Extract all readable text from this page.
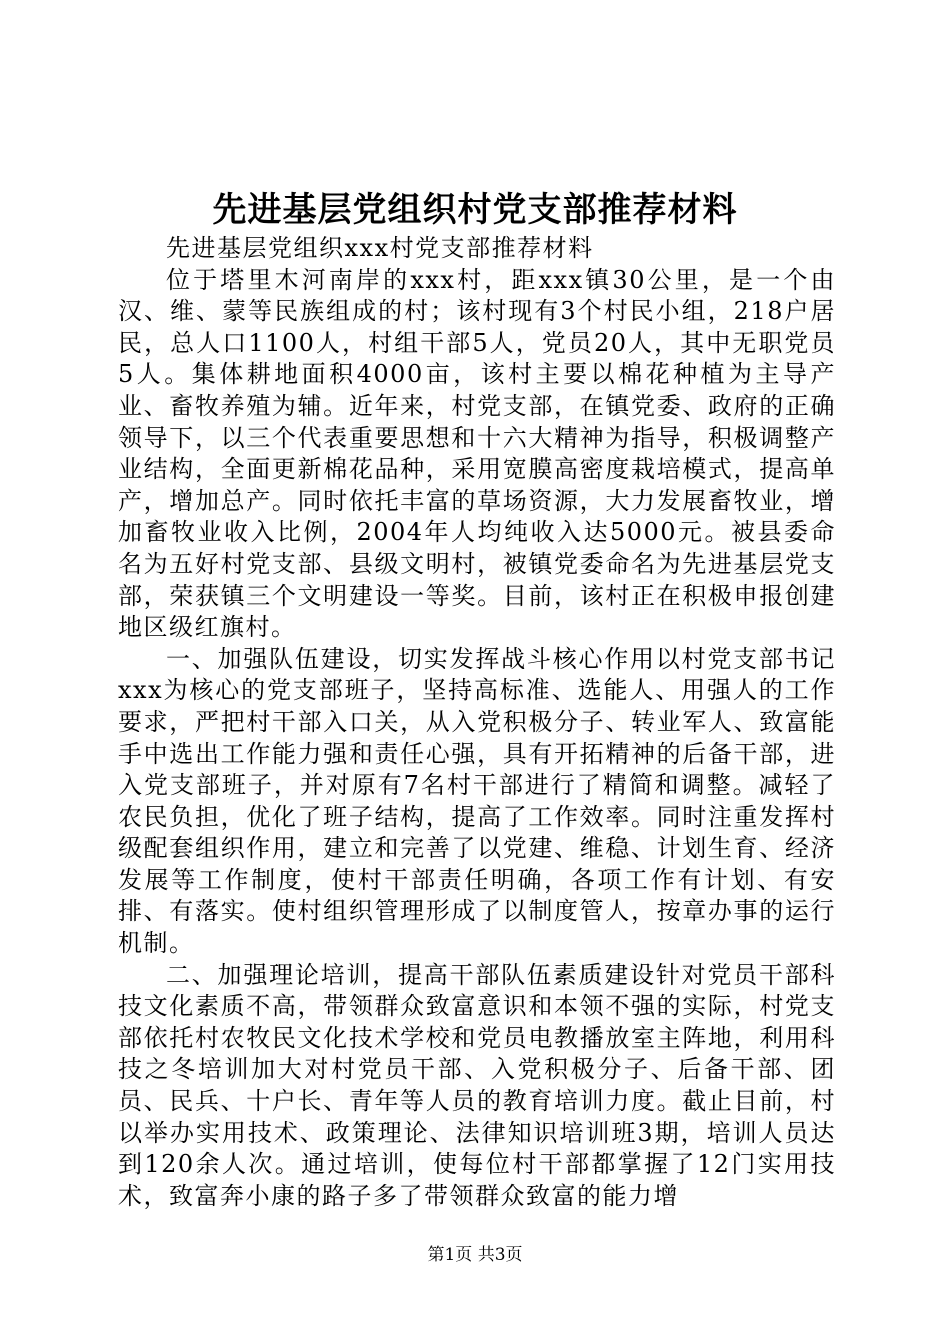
先进基层党组织村党支部推荐材料

先进基层党组织xxx村党支部推荐材料

位于塔里木河南岸的xxx村，距xxx镇30公里，是一个由汉、维、蒙等民族组成的村；该村现有3个村民小组，218户居民，总人口1100人，村组干部5人，党员20人，其中无职党员5人。集体耕地面积4000亩，该村主要以棉花种植为主导产业、畜牧养殖为辅。近年来，村党支部，在镇党委、政府的正确领导下，以三个代表重要思想和十六大精神为指导，积极调整产业结构，全面更新棉花品种，采用宽膜高密度栽培模式，提高单产，增加总产。同时依托丰富的草场资源，大力发展畜牧业，增加畜牧业收入比例，2004年人均纯收入达5000元。被县委命名为五好村党支部、县级文明村，被镇党委命名为先进基层党支部，荣获镇三个文明建设一等奖。目前，该村正在积极申报创建地区级红旗村。

一、加强队伍建设，切实发挥战斗核心作用以村党支部书记xxx为核心的党支部班子，坚持高标准、选能人、用强人的工作要求，严把村干部入口关，从入党积极分子、转业军人、致富能手中选出工作能力强和责任心强，具有开拓精神的后备干部，进入党支部班子，并对原有7名村干部进行了精简和调整。减轻了农民负担，优化了班子结构，提高了工作效率。同时注重发挥村级配套组织作用，建立和完善了以党建、维稳、计划生育、经济发展等工作制度，使村干部责任明确，各项工作有计划、有安排、有落实。使村组织管理形成了以制度管人，按章办事的运行机制。

二、加强理论培训，提高干部队伍素质建设针对党员干部科技文化素质不高，带领群众致富意识和本领不强的实际，村党支部依托村农牧民文化技术学校和党员电教播放室主阵地，利用科技之冬培训加大对村党员干部、入党积极分子、后备干部、团员、民兵、十户长、青年等人员的教育培训力度。截止目前，村以举办实用技术、政策理论、法律知识培训班3期，培训人员达到120余人次。通过培训，使每位村干部都掌握了12门实用技术，致富奔小康的路子多了带领群众致富的能力增

第1页 共3页
